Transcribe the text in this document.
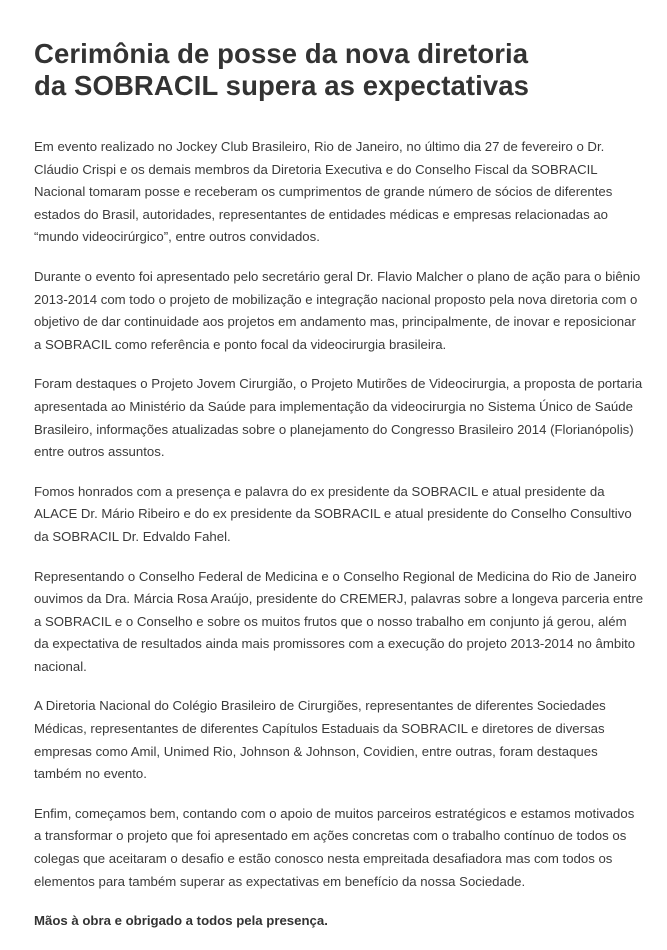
Cerimônia de posse da nova diretoria
da SOBRACIL supera as expectativas

Em evento realizado no Jockey Club Brasileiro, Rio de Janeiro, no último dia 27 de fevereiro o Dr. Cláudio Crispi e os demais membros da Diretoria Executiva e do Conselho Fiscal da SOBRACIL Nacional tomaram posse e receberam os cumprimentos de grande número de sócios de diferentes estados do Brasil, autoridades, representantes de entidades médicas e empresas relacionadas ao “mundo videocirúrgico”, entre outros convidados.

Durante o evento foi apresentado pelo secretário geral Dr. Flavio Malcher o plano de ação para o biênio 2013-2014 com todo o projeto de mobilização e integração nacional proposto pela nova diretoria com o objetivo de dar continuidade aos projetos em andamento mas, principalmente, de inovar e reposicionar a SOBRACIL como referência e ponto focal da videocirurgia brasileira.

Foram destaques o Projeto Jovem Cirurgião, o Projeto Mutirões de Videocirurgia, a proposta de portaria apresentada ao Ministério da Saúde para implementação da videocirurgia no Sistema Único de Saúde Brasileiro, informações atualizadas sobre o planejamento do Congresso Brasileiro 2014 (Florianópolis) entre outros assuntos.

Fomos honrados com a presença e palavra do ex presidente da SOBRACIL e atual presidente da ALACE Dr. Mário Ribeiro e do ex presidente da SOBRACIL e atual presidente do Conselho Consultivo da SOBRACIL Dr. Edvaldo Fahel.

Representando o Conselho Federal de Medicina e o Conselho Regional de Medicina do Rio de Janeiro ouvimos da Dra. Márcia Rosa Araújo, presidente do CREMERJ, palavras sobre a longeva parceria entre a SOBRACIL e o Conselho e sobre os muitos frutos que o nosso trabalho em conjunto já gerou, além da expectativa de resultados ainda mais promissores com a execução do projeto 2013-2014 no âmbito nacional.

A Diretoria Nacional do Colégio Brasileiro de Cirurgiões, representantes de diferentes Sociedades Médicas, representantes de diferentes Capítulos Estaduais da SOBRACIL e diretores de diversas empresas como Amil, Unimed Rio, Johnson & Johnson, Covidien, entre outras, foram destaques também no evento.

Enfim, começamos bem, contando com o apoio de muitos parceiros estratégicos e estamos motivados a transformar o projeto que foi apresentado em ações concretas com o trabalho contínuo de todos os colegas que aceitaram o desafio e estão conosco nesta empreitada desafiadora mas com todos os elementos para também superar as expectativas em benefício da nossa Sociedade.

Mãos à obra e obrigado a todos pela presença.
